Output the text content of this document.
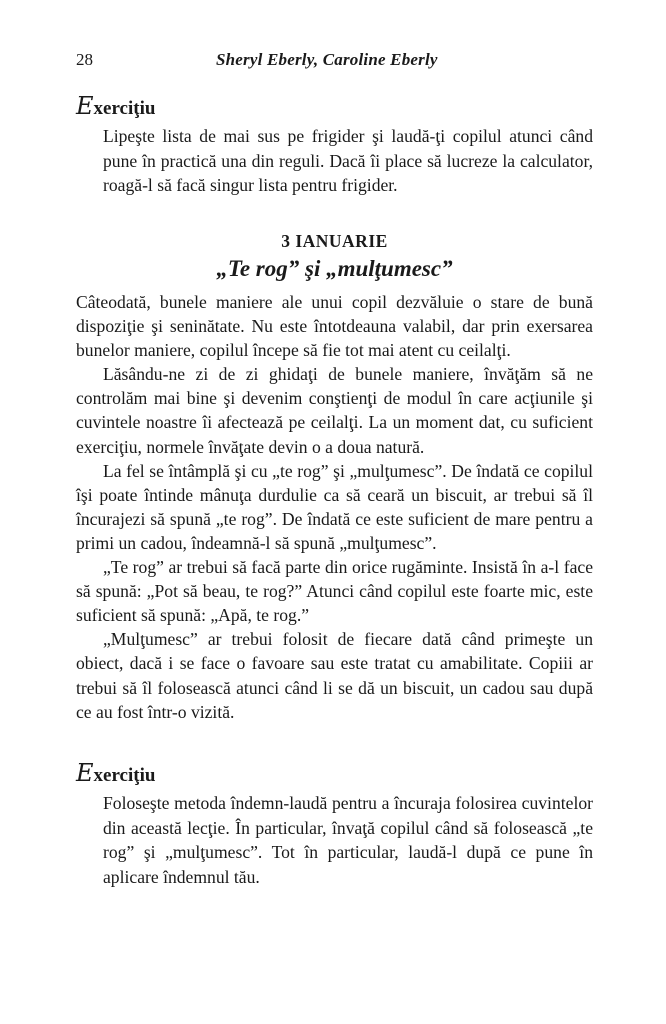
28	Sheryl Eberly, Caroline Eberly
Exerciţiu

Lipeşte lista de mai sus pe frigider şi laudă-ţi copilul atunci când pune în practică una din reguli. Dacă îi place să lucreze la calculator, roagă-l să facă singur lista pentru frigider.

3 IANUARIE
„Te rog” şi „mulţumesc”

Câteodată, bunele maniere ale unui copil dezvăluie o stare de bună dispoziţie şi seninătate. Nu este întotdeauna valabil, dar prin exersarea bunelor maniere, copilul începe să fie tot mai atent cu ceilalţi.

Lăsându-ne zi de zi ghidaţi de bunele maniere, învăţăm să ne controlăm mai bine şi devenim conştienţi de modul în care acţiunile şi cuvintele noastre îi afectează pe ceilalţi. La un moment dat, cu suficient exerciţiu, normele învăţate devin o a doua natură.

La fel se întâmplă şi cu „te rog” şi „mulţumesc”. De îndată ce copilul îşi poate întinde mânuţa durdulie ca să ceară un biscuit, ar trebui să îl încurajezi să spună „te rog”. De îndată ce este suficient de mare pentru a primi un cadou, îndeamnă-l să spună „mulţumesc”.

„Te rog” ar trebui să facă parte din orice rugăminte. Insistă în a-l face să spună: „Pot să beau, te rog?” Atunci când copilul este foarte mic, este suficient să spună: „Apă, te rog.”

„Mulţumesc” ar trebui folosit de fiecare dată când primeşte un obiect, dacă i se face o favoare sau este tratat cu amabilitate. Copiii ar trebui să îl folosească atunci când li se dă un biscuit, un cadou sau după ce au fost într-o vizită.

Exerciţiu

Foloseşte metoda îndemn-laudă pentru a încuraja folosirea cuvintelor din această lecţie. În particular, învaţă copilul când să folosească „te rog” şi „mulţumesc”. Tot în particular, laudă-l după ce pune în aplicare îndemnul tău.
